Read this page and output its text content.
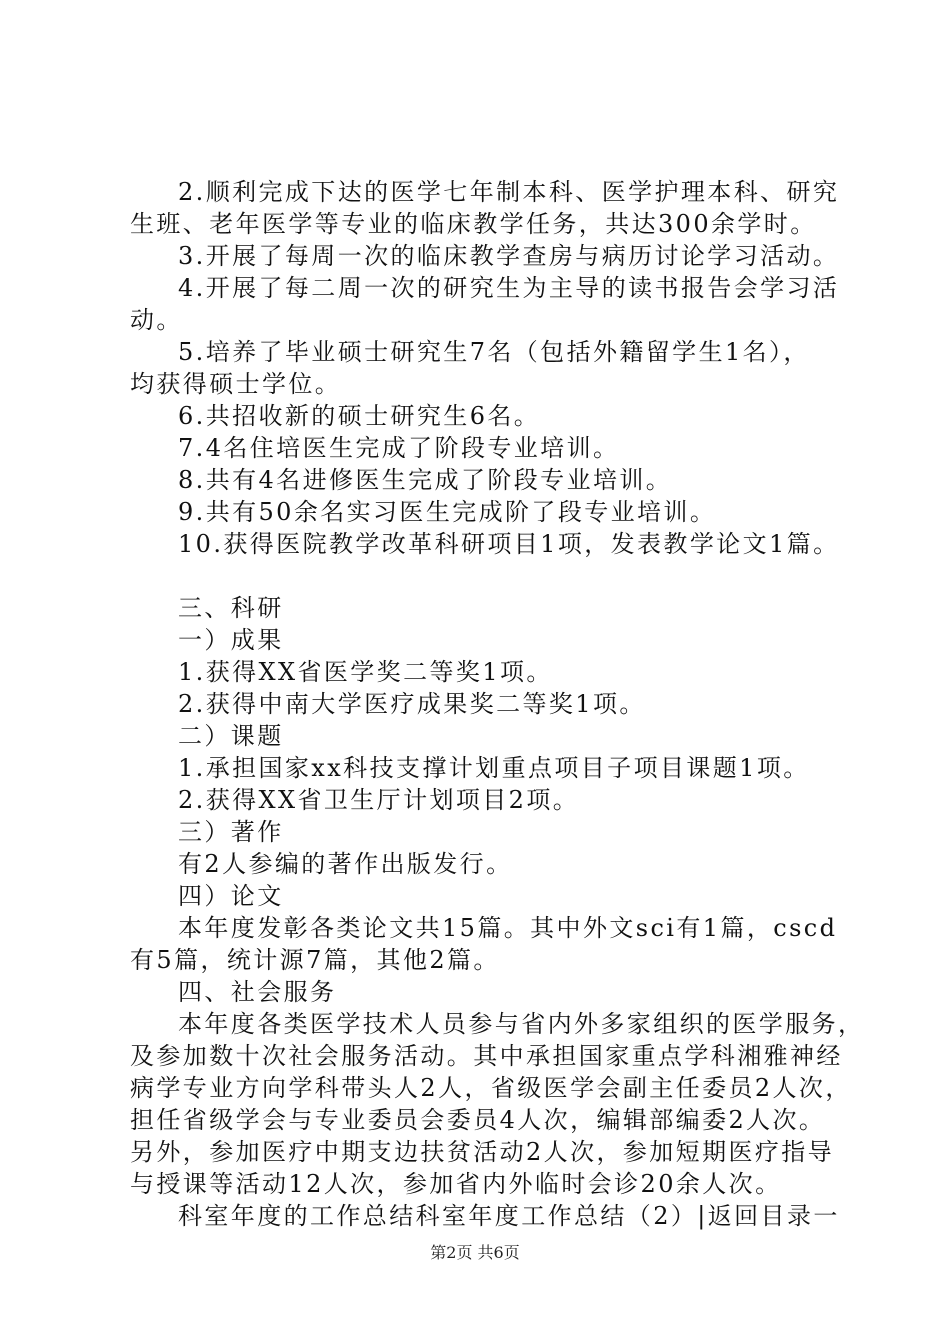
2.顺利完成下达的医学七年制本科、医学护理本科、研究
生班、老年医学等专业的临床教学任务，共达300余学时。
3.开展了每周一次的临床教学查房与病历讨论学习活动。
4.开展了每二周一次的研究生为主导的读书报告会学习活
动。
5.培养了毕业硕士研究生7名（包括外籍留学生1名），
均获得硕士学位。
6.共招收新的硕士研究生6名。
7.4名住培医生完成了阶段专业培训。
8.共有4名进修医生完成了阶段专业培训。
9.共有50余名实习医生完成阶了段专业培训。
10.获得医院教学改革科研项目1项，发表教学论文1篇。
三、科研
一）成果
1.获得XX省医学奖二等奖1项。
2.获得中南大学医疗成果奖二等奖1项。
二）课题
1.承担国家xx科技支撑计划重点项目子项目课题1项。
2.获得XX省卫生厅计划项目2项。
三）著作
有2人参编的著作出版发行。
四）论文
本年度发彰各类论文共15篇。其中外文sci有1篇，cscd
有5篇，统计源7篇，其他2篇。
四、社会服务
本年度各类医学技术人员参与省内外多家组织的医学服务，
及参加数十次社会服务活动。其中承担国家重点学科湘雅神经
病学专业方向学科带头人2人，省级医学会副主任委员2人次，
担任省级学会与专业委员会委员4人次，编辑部编委2人次。
另外，参加医疗中期支边扶贫活动2人次，参加短期医疗指导
与授课等活动12人次，参加省内外临时会诊20余人次。
科室年度的工作总结科室年度工作总结（2）|返回目录一
第2页 共6页
